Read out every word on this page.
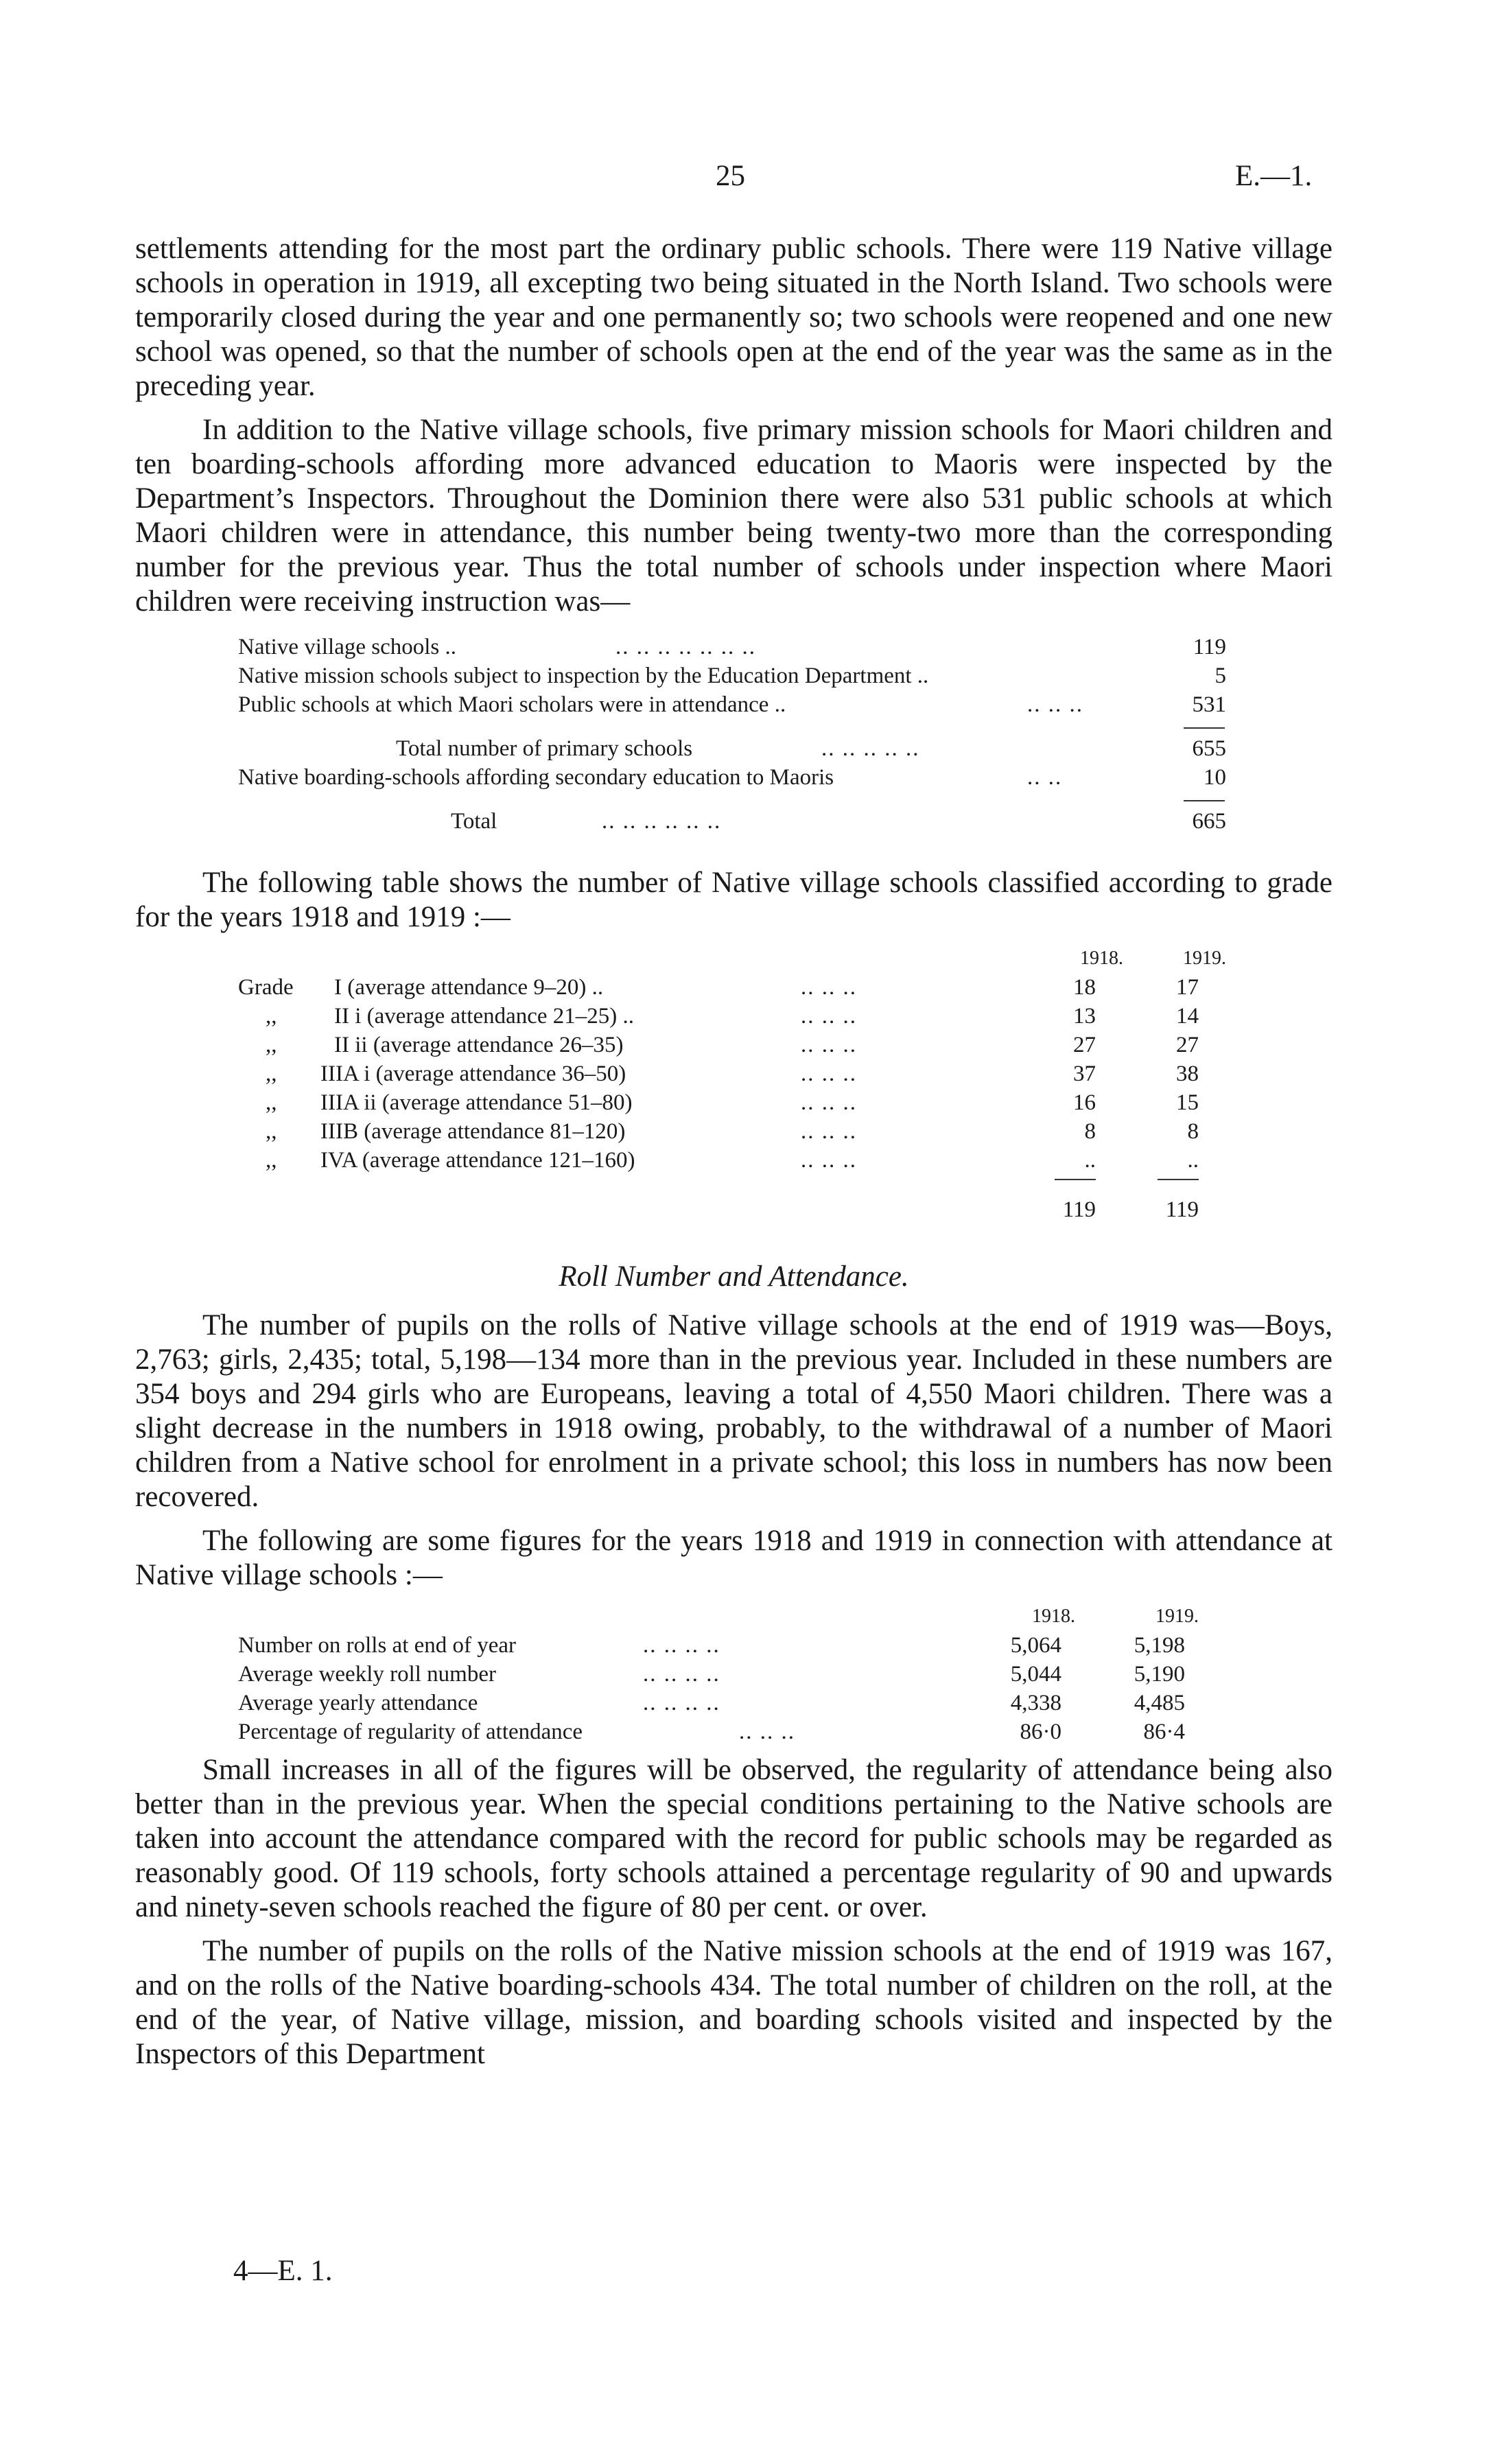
25	E.—1.

settlements attending for the most part the ordinary public schools. There were 119 Native village schools in operation in 1919, all excepting two being situated in the North Island. Two schools were temporarily closed during the year and one permanently so; two schools were reopened and one new school was opened, so that the number of schools open at the end of the year was the same as in the preceding year.

In addition to the Native village schools, five primary mission schools for Maori children and ten boarding-schools affording more advanced education to Maoris were inspected by the Department’s Inspectors. Throughout the Dominion there were also 531 public schools at which Maori children were in attendance, this number being twenty-two more than the corresponding number for the previous year. Thus the total number of schools under inspection where Maori children were receiving instruction was—

Native village schools ..	.. .. .. .. .. .. ..	119
Native mission schools subject to inspection by the Education Department ..	5
Public schools at which Maori scholars were in attendance ..	.. .. ..	531
Total number of primary schools	.. .. .. .. ..	655
Native boarding-schools affording secondary education to Maoris	.. ..	10
Total	.. .. .. .. .. ..	665

The following table shows the number of Native village schools classified according to grade for the years 1918 and 1919 :—

1918.	1919.
Grade I (average attendance 9–20) ..	.. .. ..	18	17
,,	II i (average attendance 21–25) ..	.. .. ..	13	14
,,	II ii (average attendance 26–35)	.. .. ..	27	27
,, IIIA i (average attendance 36–50)	.. .. ..	37	38
,, IIIA ii (average attendance 51–80)	.. .. ..	16	15
,, IIIB (average attendance 81–120)	.. .. ..	8	8
,, IVA (average attendance 121–160)	.. .. ..	..	..
119	119
Roll Number and Attendance.

The number of pupils on the rolls of Native village schools at the end of 1919 was—Boys, 2,763; girls, 2,435; total, 5,198—134 more than in the previous year. Included in these numbers are 354 boys and 294 girls who are Europeans, leaving a total of 4,550 Maori children. There was a slight decrease in the numbers in 1918 owing, probably, to the withdrawal of a number of Maori children from a Native school for enrolment in a private school; this loss in numbers has now been recovered.

The following are some figures for the years 1918 and 1919 in connection with attendance at Native village schools :—

1918.	1919.
Number on rolls at end of year	.. .. .. ..	5,064	5,198
Average weekly roll number	.. .. .. ..	5,044	5,190
Average yearly attendance	.. .. .. ..	4,338	4,485
Percentage of regularity of attendance	.. .. ..	86·0	86·4

Small increases in all of the figures will be observed, the regularity of attendance being also better than in the previous year. When the special conditions pertaining to the Native schools are taken into account the attendance compared with the record for public schools may be regarded as reasonably good. Of 119 schools, forty schools attained a percentage regularity of 90 and upwards and ninety-seven schools reached the figure of 80 per cent. or over.

The number of pupils on the rolls of the Native mission schools at the end of 1919 was 167, and on the rolls of the Native boarding-schools 434. The total number of children on the roll, at the end of the year, of Native village, mission, and boarding schools visited and inspected by the Inspectors of this Department

4—E. 1.
